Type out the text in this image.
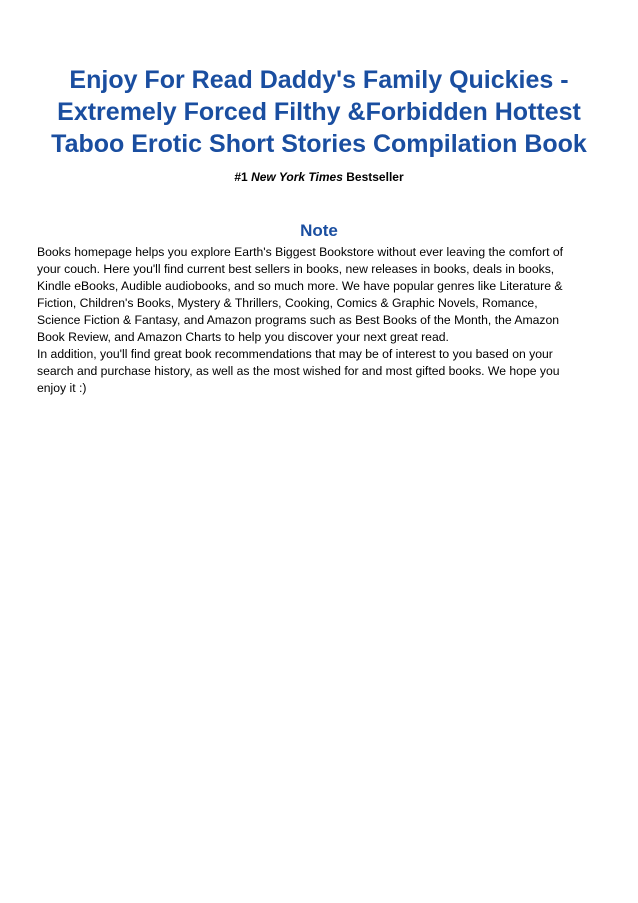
Enjoy For Read Daddy's Family Quickies -
Extremely Forced Filthy &Forbidden Hottest
Taboo Erotic Short Stories Compilation Book
#1 New York Times Bestseller
Note
Books homepage helps you explore Earth's Biggest Bookstore without ever leaving the comfort of
your couch. Here you'll find current best sellers in books, new releases in books, deals in books,
Kindle eBooks, Audible audiobooks, and so much more. We have popular genres like Literature &
Fiction, Children's Books, Mystery & Thrillers, Cooking, Comics & Graphic Novels, Romance,
Science Fiction & Fantasy, and Amazon programs such as Best Books of the Month, the Amazon
Book Review, and Amazon Charts to help you discover your next great read.
In addition, you'll find great book recommendations that may be of interest to you based on your
search and purchase history, as well as the most wished for and most gifted books. We hope you
enjoy it :)
